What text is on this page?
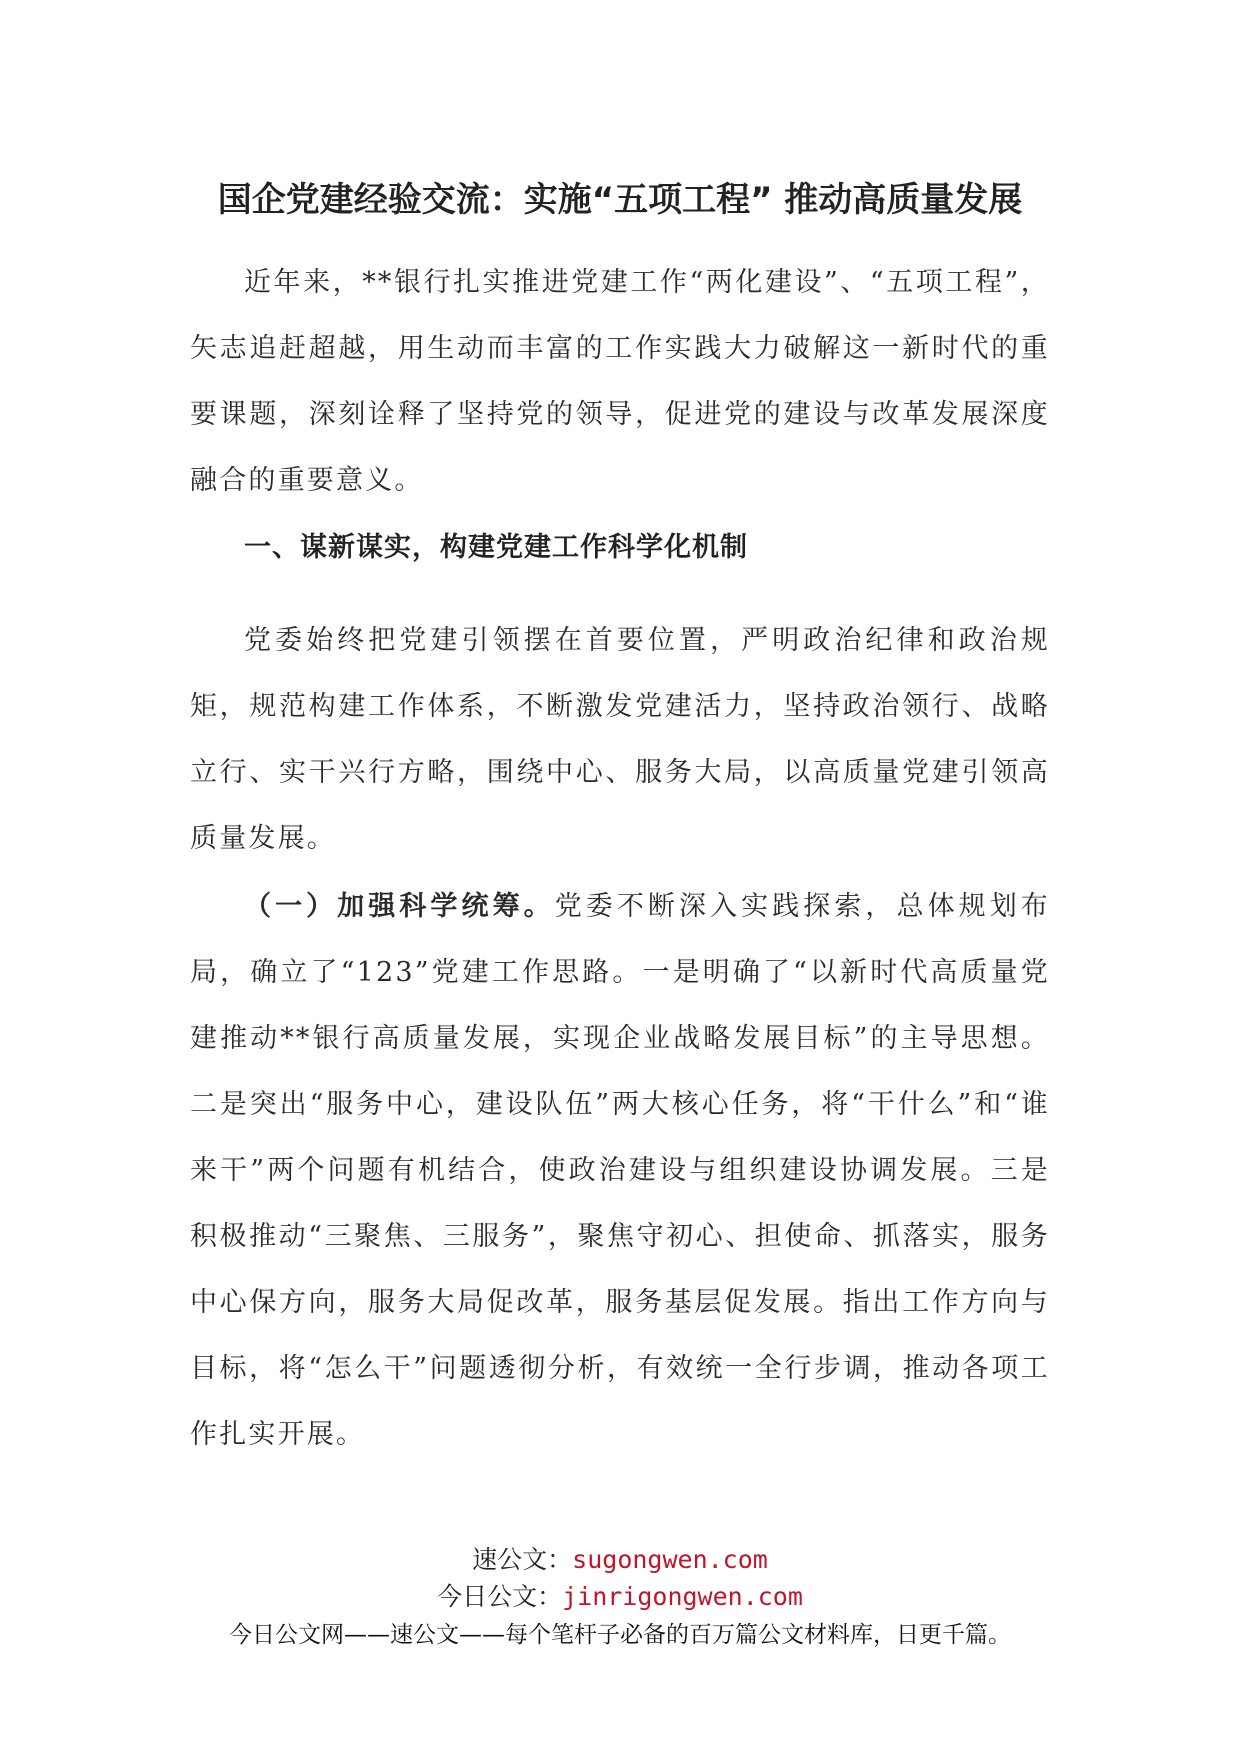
国企党建经验交流：实施“五项工程” 推动高质量发展

近年来，**银行扎实推进党建工作“两化建设”、“五项工程”，矢志追赶超越，用生动而丰富的工作实践大力破解这一新时代的重要课题，深刻诠释了坚持党的领导，促进党的建设与改革发展深度融合的重要意义。

一、谋新谋实，构建党建工作科学化机制

党委始终把党建引领摆在首要位置，严明政治纪律和政治规矩，规范构建工作体系，不断激发党建活力，坚持政治领行、战略立行、实干兴行方略，围绕中心、服务大局，以高质量党建引领高质量发展。

（一）加强科学统筹。党委不断深入实践探索，总体规划布局，确立了“123”党建工作思路。一是明确了“以新时代高质量党建推动**银行高质量发展，实现企业战略发展目标”的主导思想。二是突出“服务中心，建设队伍”两大核心任务，将“干什么”和“谁来干”两个问题有机结合，使政治建设与组织建设协调发展。三是积极推动“三聚焦、三服务”，聚焦守初心、担使命、抓落实，服务中心保方向，服务大局促改革，服务基层促发展。指出工作方向与目标，将“怎么干”问题透彻分析，有效统一全行步调，推动各项工作扎实开展。

速公文：sugongwen.com
今日公文：jinrigongwen.com
今日公文网——速公文——每个笔杆子必备的百万篇公文材料库，日更千篇。
